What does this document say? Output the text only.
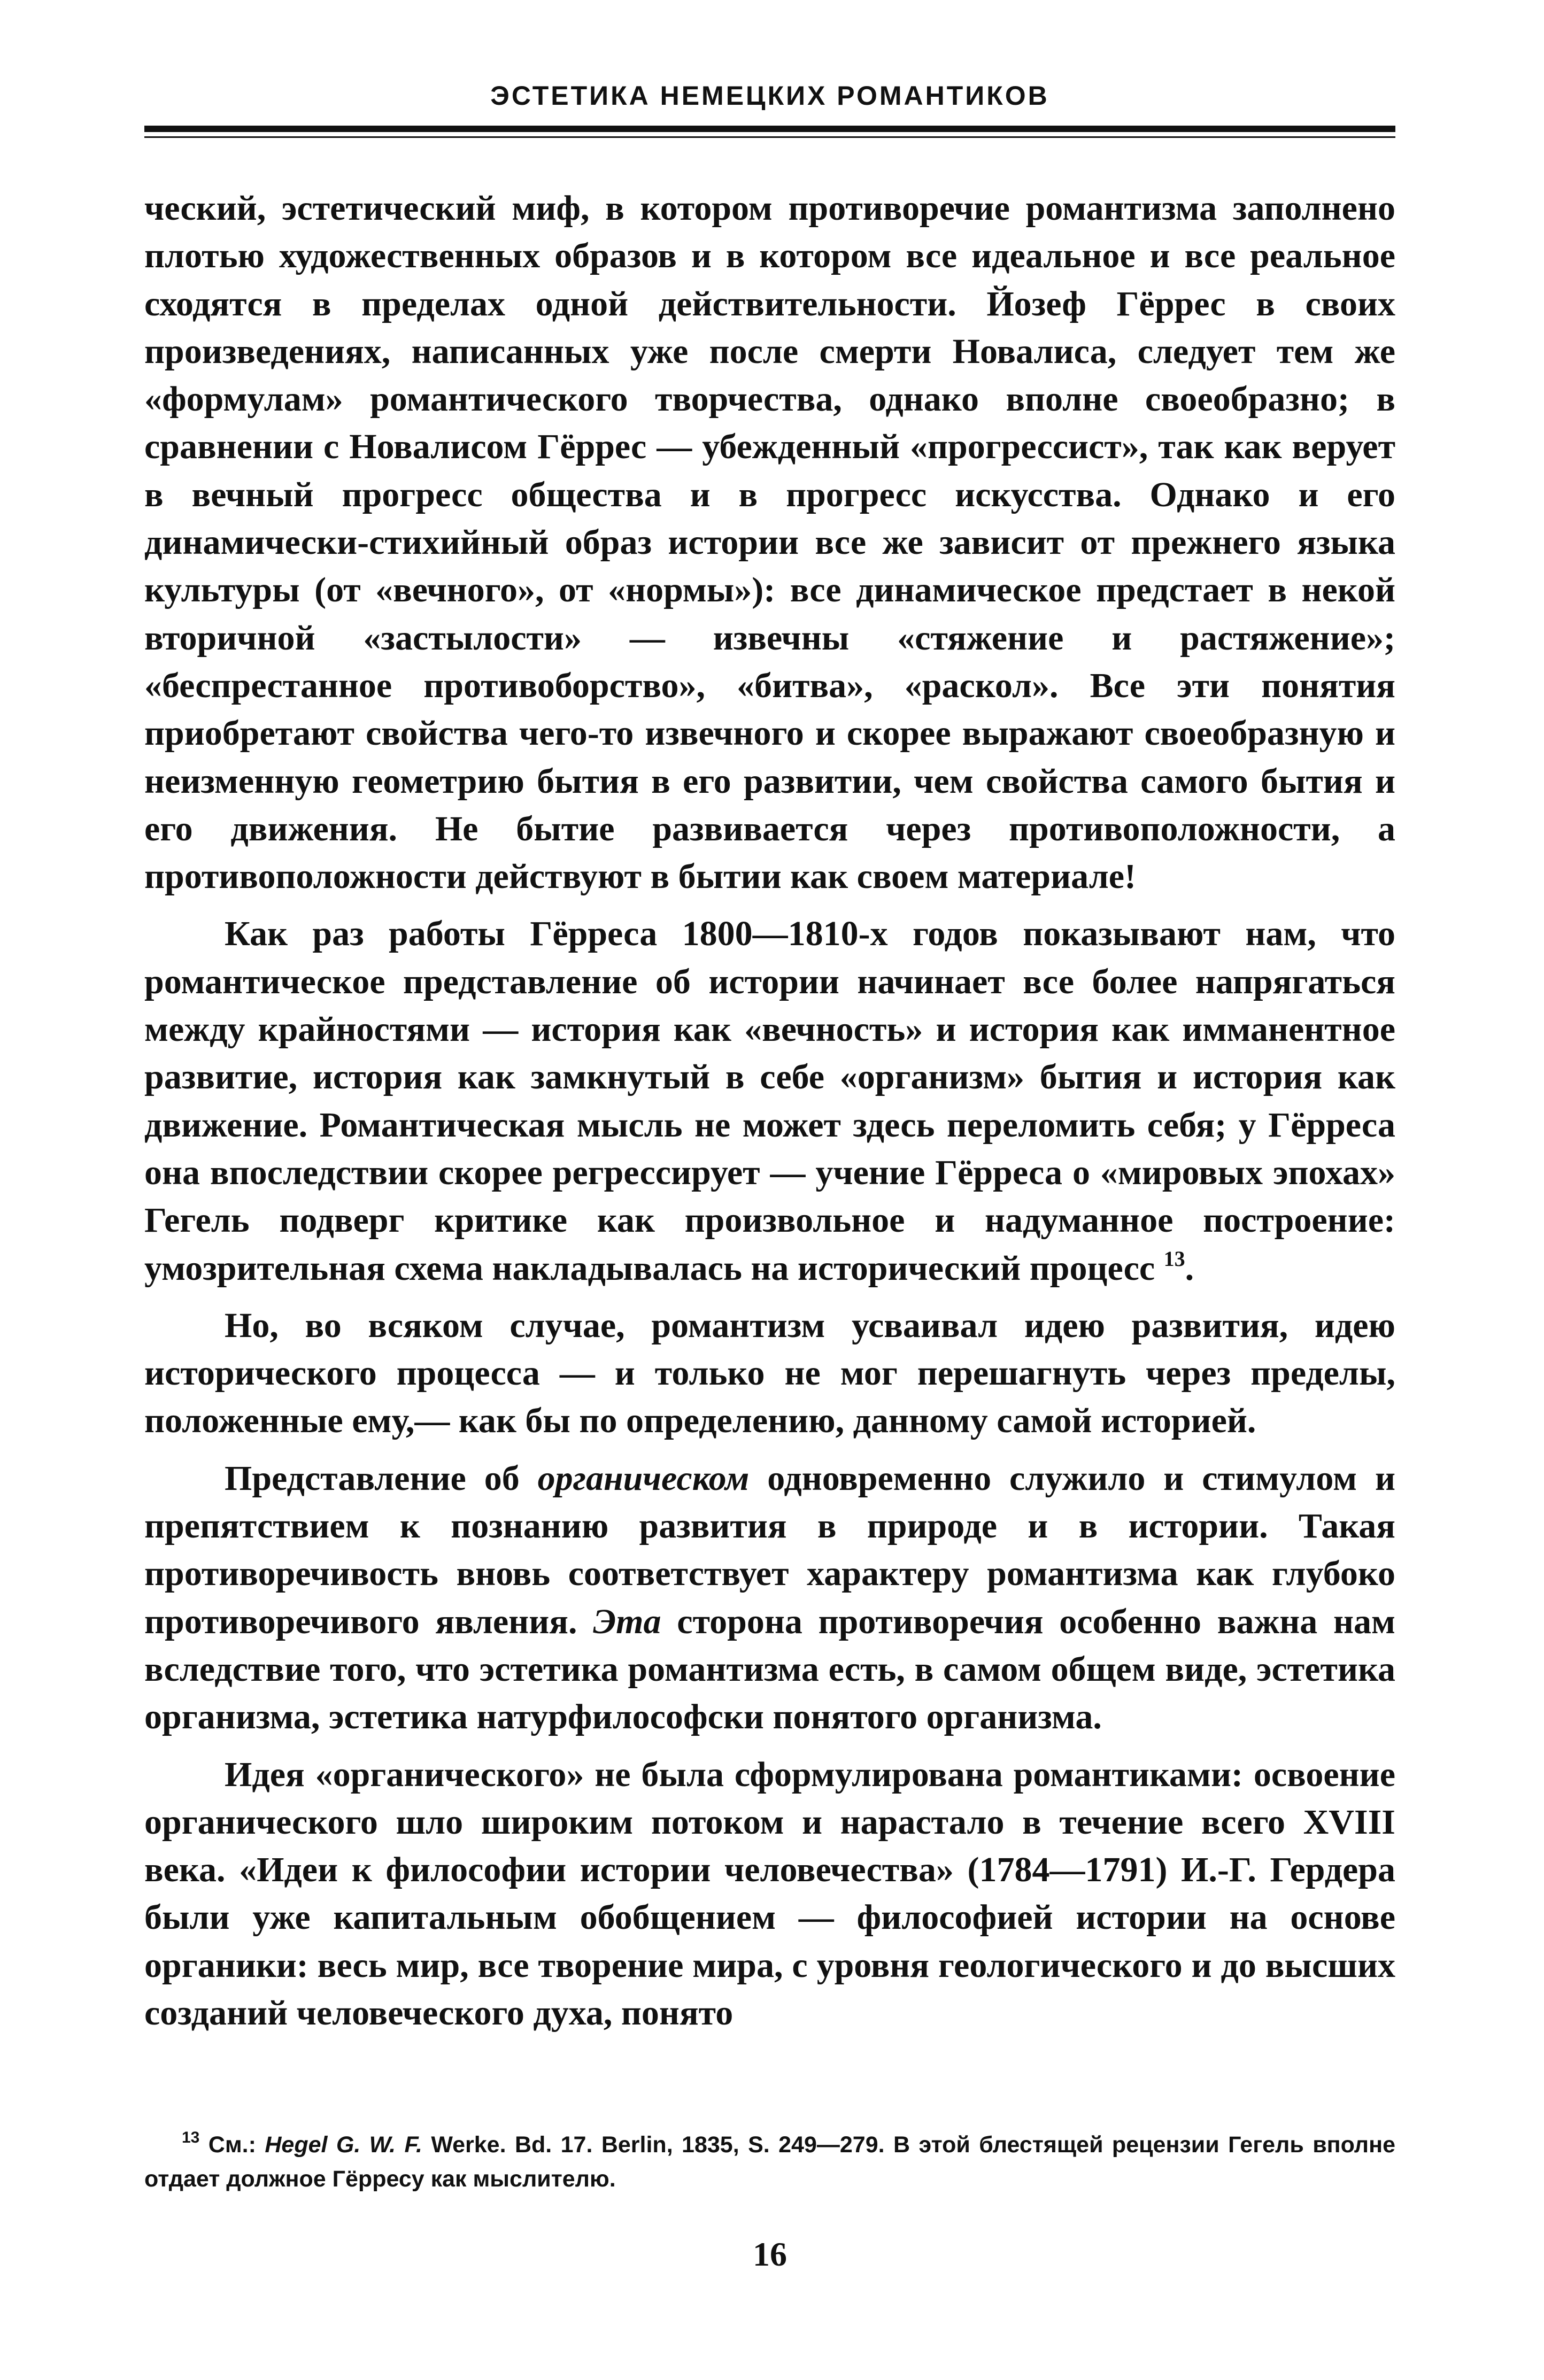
ЭСТЕТИКА НЕМЕЦКИХ РОМАНТИКОВ

ческий, эстетический миф, в котором противоречие романтизма заполнено плотью художественных образов и в котором все идеальное и все реальное сходятся в пределах одной действительности. Йозеф Гёррес в своих произведениях, написанных уже после смерти Новалиса, следует тем же «формулам» романтического творчества, однако вполне своеобразно; в сравнении с Новалисом Гёррес — убежденный «прогрессист», так как верует в вечный прогресс общества и в прогресс искусства. Однако и его динамически-стихийный образ истории все же зависит от прежнего языка культуры (от «вечного», от «нормы»): все динамическое предстает в некой вторичной «застылости» — извечны «стяжение и растяжение»; «беспрестанное противоборство», «битва», «раскол». Все эти понятия приобретают свойства чего-то извечного и скорее выражают своеобразную и неизменную геометрию бытия в его развитии, чем свойства самого бытия и его движения. Не бытие развивается через противоположности, а противоположности действуют в бытии как своем материале!

Как раз работы Гёрреса 1800—1810-х годов показывают нам, что романтическое представление об истории начинает все более напрягаться между крайностями — история как «вечность» и история как имманентное развитие, история как замкнутый в себе «организм» бытия и история как движение. Романтическая мысль не может здесь переломить себя; у Гёрреса она впоследствии скорее регрессирует — учение Гёрреса о «мировых эпохах» Гегель подверг критике как произвольное и надуманное построение: умозрительная схема накладывалась на исторический процесс $^{13}$.

Но, во всяком случае, романтизм усваивал идею развития, идею исторического процесса — и только не мог перешагнуть через пределы, положенные ему,— как бы по определению, данному самой историей.

Представление об органическом одновременно служило и стимулом и препятствием к познанию развития в природе и в истории. Такая противоречивость вновь соответствует характеру романтизма как глубоко противоречивого явления. Эта сторона противоречия особенно важна нам вследствие того, что эстетика романтизма есть, в самом общем виде, эстетика организма, эстетика натурфилософски понятого организма.

Идея «органического» не была сформулирована романтиками: освоение органического шло широким потоком и нарастало в течение всего XVIII века. «Идеи к философии истории человечества» (1784—1791) И.-Г. Гердера были уже капитальным обобщением — философией истории на основе органики: весь мир, все творение мира, с уровня геологического и до высших созданий человеческого духа, понято

$^{13}$ См.: Hegel G. W. F. Werke. Bd. 17. Berlin, 1835, S. 249—279. В этой блестящей рецензии Гегель вполне отдает должное Гёрресу как мыслителю.
16
